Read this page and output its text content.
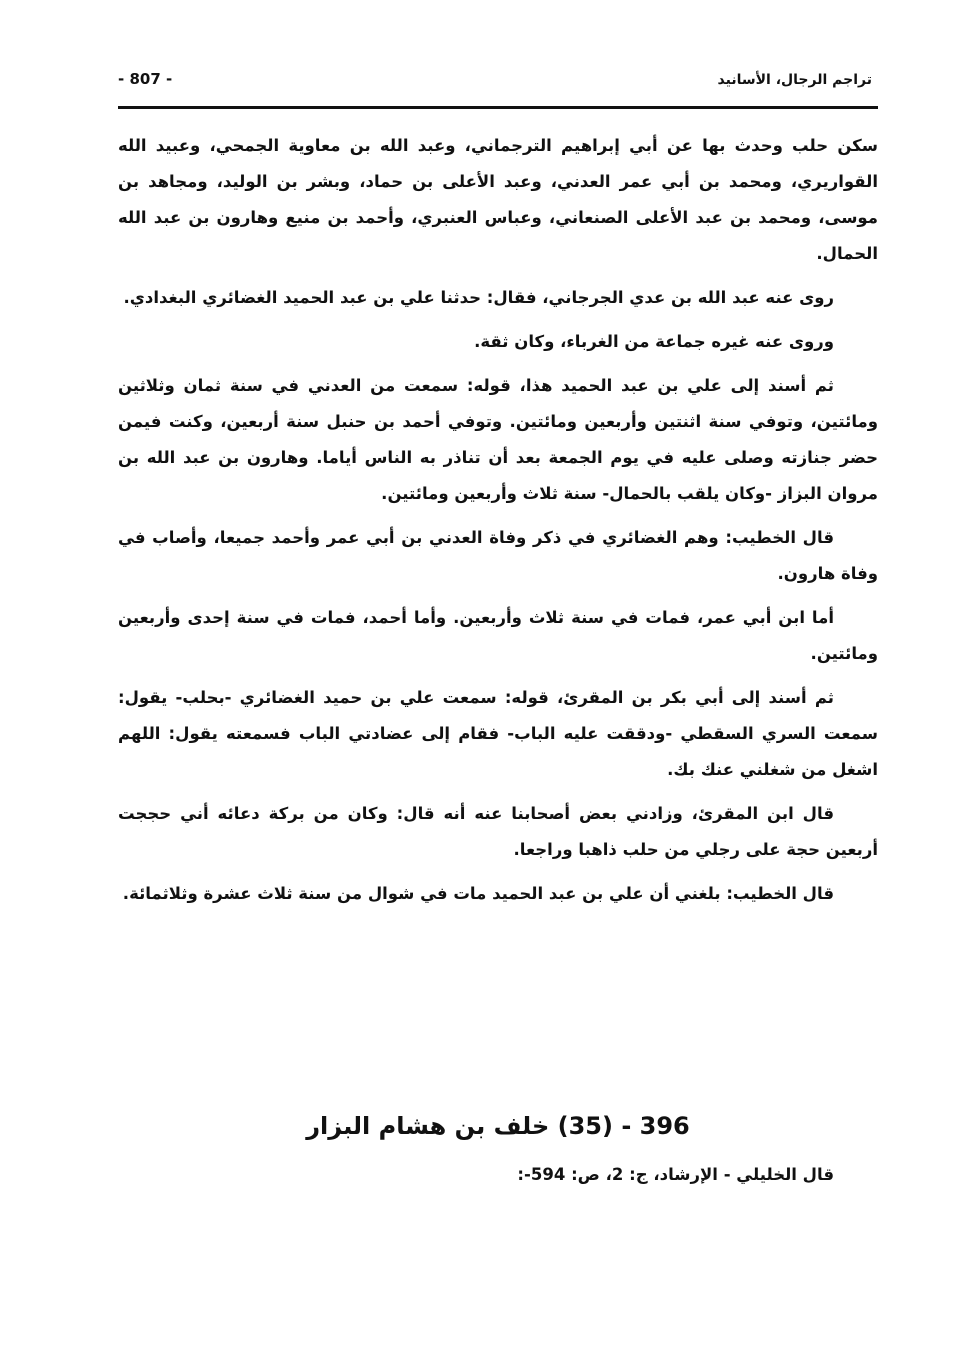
تراجم الرجال، الأسانيد
- 807 -

سكن حلب وحدث بها عن أبي إبراهيم الترجماني، وعبد الله بن معاوية الجمحي، وعبيد الله القواريري، ومحمد بن أبي عمر العدني، وعبد الأعلى بن حماد، وبشر بن الوليد، ومجاهد بن موسى، ومحمد بن عبد الأعلى الصنعاني، وعباس العنبري، وأحمد بن منيع وهارون بن عبد الله الحمال.

روى عنه عبد الله بن عدي الجرجاني، فقال: حدثنا علي بن عبد الحميد الغضائري البغدادي.

وروى عنه غيره جماعة من الغرباء، وكان ثقة.

ثم أسند إلى علي بن عبد الحميد هذا، قوله: سمعت من العدني في سنة ثمان وثلاثين ومائتين، وتوفي سنة اثنتين وأربعين ومائتين. وتوفي أحمد بن حنبل سنة أربعين، وكنت فيمن حضر جنازته وصلى عليه في يوم الجمعة بعد أن تناذر به الناس أياما. وهارون بن عبد الله بن مروان البزاز -وكان يلقب بالحمال- سنة ثلاث وأربعين ومائتين.

قال الخطيب: وهم الغضائري في ذكر وفاة العدني بن أبي عمر وأحمد جميعا، وأصاب في وفاة هارون.

أما ابن أبي عمر، فمات في سنة ثلاث وأربعين. وأما أحمد، فمات في سنة إحدى وأربعين ومائتين.

ثم أسند إلى أبي بكر بن المقرئ، قوله: سمعت علي بن حميد الغضائري -بحلب- يقول: سمعت السري السقطي -ودققت عليه الباب- فقام إلى عضادتي الباب فسمعته يقول: اللهم اشغل من شغلني عنك بك.

قال ابن المقرئ، وزادني بعض أصحابنا عنه أنه قال: وكان من بركة دعائه أني حججت أربعين حجة على رجلي من حلب ذاهبا وراجعا.

قال الخطيب: بلغني أن علي بن عبد الحميد مات في شوال من سنة ثلاث عشرة وثلاثمائة.

396 - (35) خلف بن هشام البزار
قال الخليلي - الإرشاد، ج: 2، ص: 594-:
